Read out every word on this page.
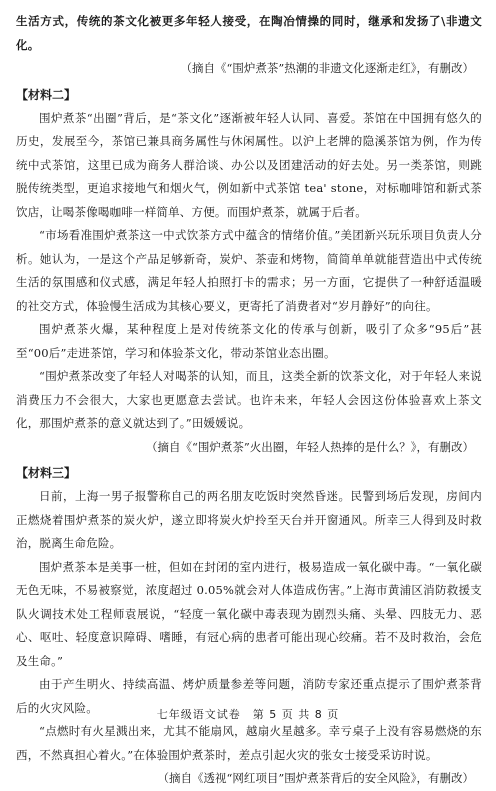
生活方式，传统的茶文化被更多年轻人接受，在陶冶情操的同时，继承和发扬了\非遗文化。

（摘自《“围炉煮茶”热潮的非遗文化逐渐走红》，有删改）

【材料二】

围炉煮茶“出圈”背后，是“茶文化”逐渐被年轻人认同、喜爱。茶馆在中国拥有悠久的历史，发展至今，茶馆已兼具商务属性与休闲属性。以沪上老牌的隐溪茶馆为例，作为传统中式茶馆，这里已成为商务人群洽谈、办公以及团建活动的好去处。另一类茶馆，则跳脱传统类型，更追求接地气和烟火气，例如新中式茶馆 tea' stone，对标咖啡馆和新式茶饮店，让喝茶像喝咖啡一样简单、方便。而围炉煮茶，就属于后者。

“市场看准围炉煮茶这一中式饮茶方式中蕴含的情绪价值。”美团新兴玩乐项目负责人分析。她认为，一是这个产品足够新奇，炭炉、茶壶和烤物，简简单单就能营造出中式传统生活的氛围感和仪式感，满足年轻人拍照打卡的需求；另一方面，它提供了一种舒适温暖的社交方式，体验慢生活成为其核心要义，更寄托了消费者对“岁月静好”的向往。

围炉煮茶火爆，某种程度上是对传统茶文化的传承与创新，吸引了众多“95后”甚至“00后”走进茶馆，学习和体验茶文化，带动茶馆业态出圈。

“围炉煮茶改变了年轻人对喝茶的认知，而且，这类全新的饮茶文化，对于年轻人来说消费压力不会很大，大家也更愿意去尝试。也许未来，年轻人会因这份体验喜欢上茶文化，那围炉煮茶的意义就达到了。”田媛媛说。

（摘自《“围炉煮茶”火出圈，年轻人热捧的是什么？》，有删改）

【材料三】

日前，上海一男子报警称自己的两名朋友吃饭时突然昏迷。民警到场后发现，房间内正燃烧着围炉煮茶的炭火炉，遂立即将炭火炉拎至天台并开窗通风。所幸三人得到及时救治，脱离生命危险。

围炉煮茶本是美事一桩，但如在封闭的室内进行，极易造成一氧化碳中毒。“一氧化碳无色无味，不易被察觉，浓度超过 0.05%就会对人体造成伤害。”上海市黄浦区消防救援支队火调技术处工程师袁展说，“轻度一氧化碳中毒表现为剧烈头痛、头晕、四肢无力、恶心、呕吐、轻度意识障碍、嗜睡，有冠心病的患者可能出现心绞痛。若不及时救治，会危及生命。”

由于产生明火、持续高温、烤炉质量参差等问题，消防专家还重点提示了围炉煮茶背后的火灾风险。

“点燃时有火星溅出来，尤其不能扇风，越扇火星越多。幸亏桌子上没有容易燃烧的东西，不然真担心着火。”在体验围炉煮茶时，差点引起火灾的张女士接受采访时说。

（摘自《透视“网红项目”围炉煮茶背后的安全风险》，有删改）

七年级语文试卷　第 5 页 共 8 页
